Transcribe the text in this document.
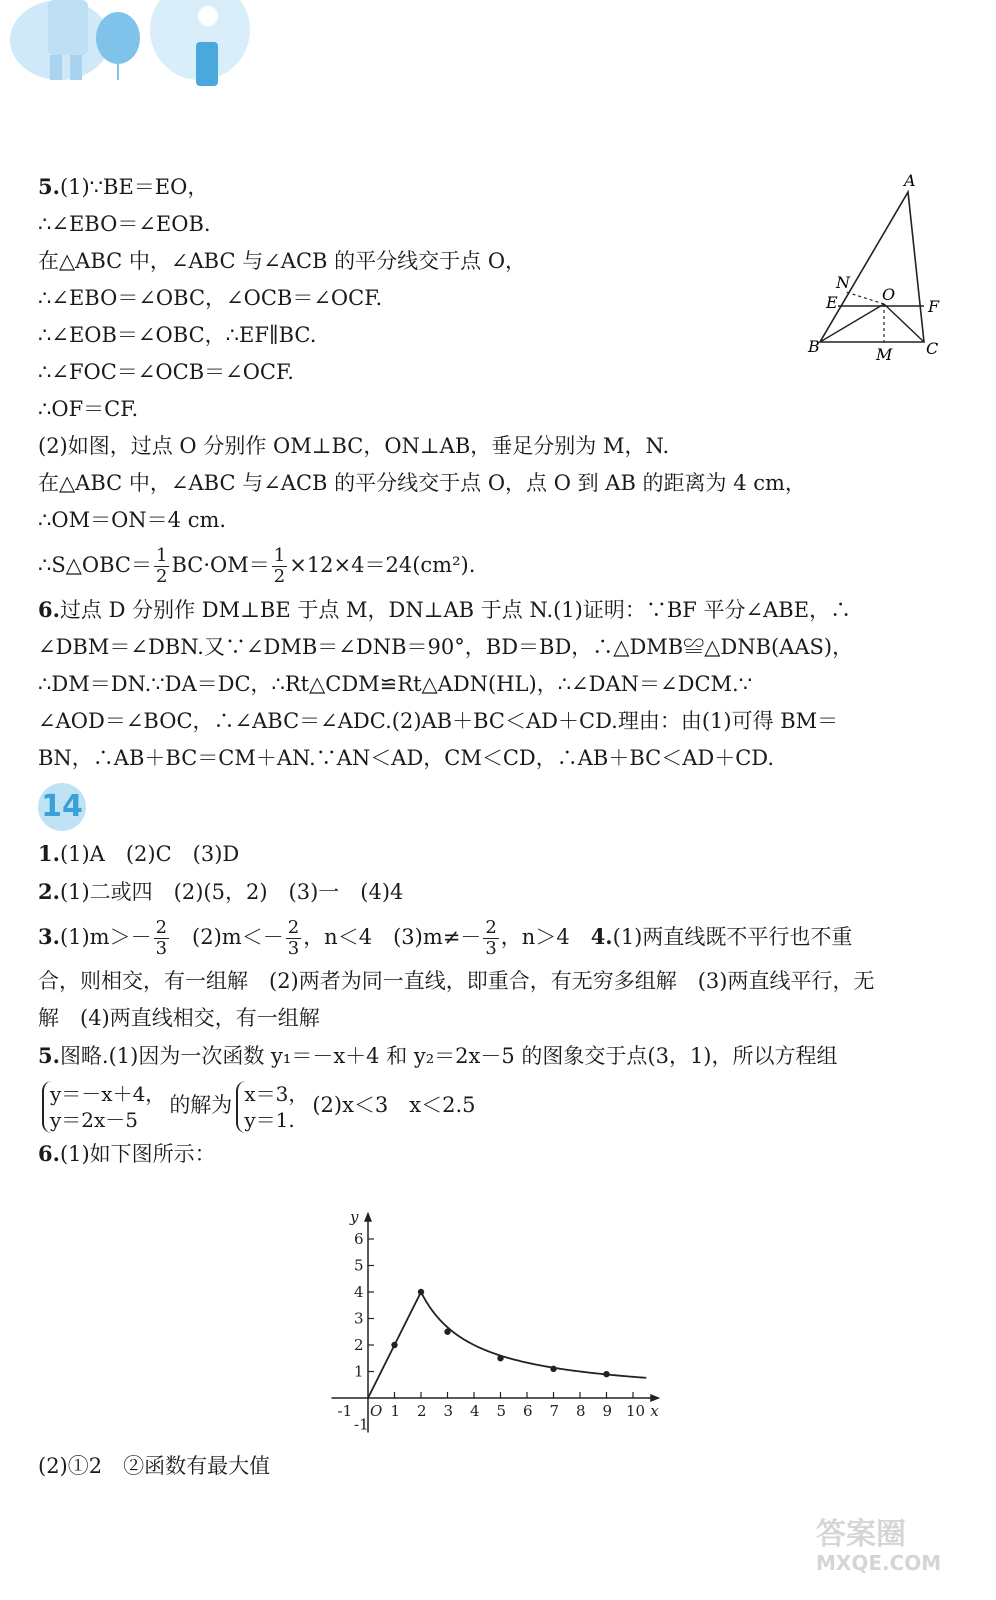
A
N
E	O
F
B	M C
5.(1)∵BE＝EO，
∴∠EBO＝∠EOB.
在△ABC 中，∠ABC 与∠ACB 的平分线交于点 O，
∴∠EBO＝∠OBC，∠OCB＝∠OCF.
∴∠EOB＝∠OBC，∴EF∥BC.
∴∠FOC＝∠OCB＝∠OCF.
∴OF＝CF.
(2)如图，过点 O 分别作 OM⊥BC，ON⊥AB，垂足分别为 M，N.
在△ABC 中，∠ABC 与∠ACB 的平分线交于点 O，点 O 到 AB 的距离为 4 cm，
∴OM＝ON＝4 cm.
∴S△OBC＝ $\frac{1}{2} BC\cdot OM= \frac{1}{2} \times 12\times 4=24(cm^2)$.
6.过点 D 分别作 DM⊥BE 于点 M，DN⊥AB 于点 N.(1)证明：∵BF 平分∠ABE，∴
∠DBM＝∠DBN.又∵∠DMB＝∠DNB＝90°，BD＝BD，∴△DMB≌△DNB(AAS)，
∴DM＝DN.∵DA＝DC，∴Rt△CDM≌Rt△ADN(HL)，∴∠DAN＝∠DCM.∵
∠AOD＝∠BOC，∴∠ABC＝∠ADC.(2)AB＋BC＜AD＋CD.理由：由(1)可得 BM＝
BN，∴AB＋BC＝CM＋AN.∵AN＜AD，CM＜CD，∴AB＋BC＜AD＋CD.
14
1.(1)A　(2)C　(3)D
2.(1)二或四　(2)(5，2)　(3)一　(4)4
$3.(1)m>- \frac{2}{3}$ 　$(2)m<- \frac{2}{3}$ ，n＜4　$(3)m\ne- \frac{2}{3}$ ，n＞4　 4.(1)两直线既不平行也不重
合，则相交，有一组解　(2)两者为同一直线，即重合，有无穷多组解　(3)两直线平行，无
解　(4)两直线相交，有一组解
5.图略.(1)因为一次函数 y₁＝－x＋4 和 y₂＝2x－5 的图象交于点(3，1)，所以方程组
y＝－x＋4，
y＝2x－5
的解为 x＝3，
y＝1.
(2)x＜3　x＜2.5
6.(1)如下图所示：
-1	1 2 3 4 5 6 7 8 9 10
-1
1
2
3
4
5
6
O	x
y
(2)①2　②函数有最大值
答案圈
MXQE.COM
